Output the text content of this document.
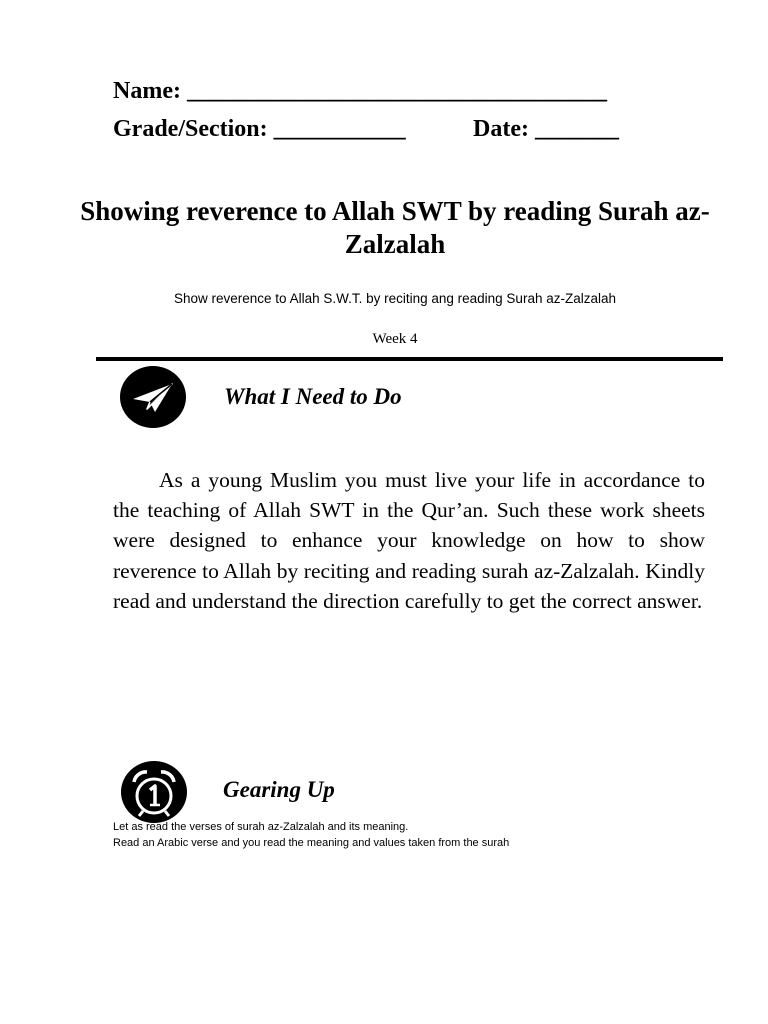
Name: ___________________________________
Grade/Section: ___________	Date: _______
Showing reverence to Allah SWT by reading Surah az-Zalzalah
Show reverence to Allah S.W.T. by reciting ang reading Surah az-Zalzalah
Week 4
What I Need to Do
As a young Muslim you must live your life in accordance to the teaching of Allah SWT in the Qur’an. Such these work sheets were designed to enhance your knowledge on how to show reverence to Allah by reciting and reading surah az-Zalzalah. Kindly read and understand the direction carefully to get the correct answer.
Gearing Up
Let as read the verses of surah az-Zalzalah and its meaning.
Read an Arabic verse and you read the meaning and values taken from the surah
